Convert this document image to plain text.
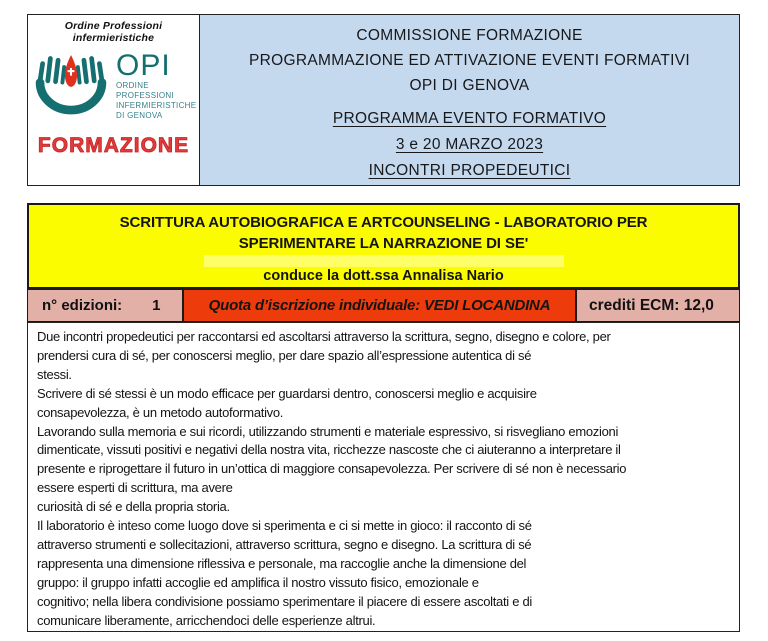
Ordine Professioni infermieristiche
OPI
ORDINE PROFESSIONI
INFERMIERISTICHE
DI GENOVA
FORMAZIONE
COMMISSIONE FORMAZIONE
PROGRAMMAZIONE ED ATTIVAZIONE EVENTI FORMATIVI
OPI DI GENOVA
PROGRAMMA EVENTO FORMATIVO
3 e 20 MARZO 2023
INCONTRI PROPEDEUTICI
SCRITTURA AUTOBIOGRAFICA E ARTCOUNSELING - LABORATORIO PER
SPERIMENTARE LA NARRAZIONE DI SE'
conduce la dott.ssa Annalisa Nario
n° edizioni: 1	Quota d’iscrizione individuale: VEDI LOCANDINA	crediti ECM: 12,0
Due incontri propedeutici per raccontarsi ed ascoltarsi attraverso la scrittura, segno, disegno e colore, per
prendersi cura di sé, per conoscersi meglio, per dare spazio all’espressione autentica di sé
stessi.
Scrivere di sé stessi è un modo efficace per guardarsi dentro, conoscersi meglio e acquisire
consapevolezza, è un metodo autoformativo.
Lavorando sulla memoria e sui ricordi, utilizzando strumenti e materiale espressivo, si risvegliano emozioni
dimenticate, vissuti positivi e negativi della nostra vita, ricchezze nascoste che ci aiuteranno a interpretare il
presente e riprogettare il futuro in un’ottica di maggiore consapevolezza. Per scrivere di sé non è necessario
essere esperti di scrittura, ma avere
curiosità di sé e della propria storia.
Il laboratorio è inteso come luogo dove si sperimenta e ci si mette in gioco: il racconto di sé
attraverso strumenti e sollecitazioni, attraverso scrittura, segno e disegno. La scrittura di sé
rappresenta una dimensione riflessiva e personale, ma raccoglie anche la dimensione del
gruppo: il gruppo infatti accoglie ed amplifica il nostro vissuto fisico, emozionale e
cognitivo; nella libera condivisione possiamo sperimentare il piacere di essere ascoltati e di
comunicare liberamente, arricchendoci delle esperienze altrui.
